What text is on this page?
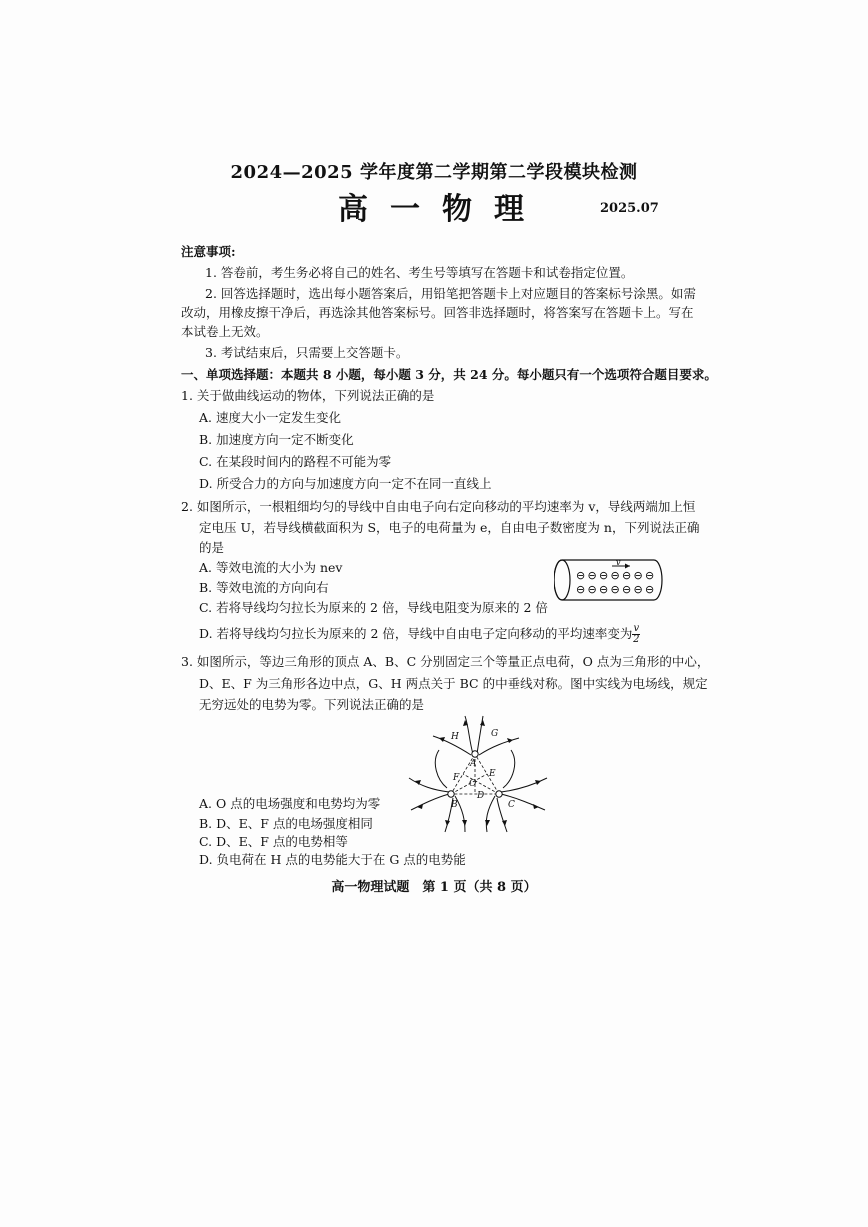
2024—2025 学年度第二学期第二学段模块检测
高一物理	2025.07
注意事项:
1. 答卷前，考生务必将自己的姓名、考生号等填写在答题卡和试卷指定位置。
2. 回答选择题时，选出每小题答案后，用铅笔把答题卡上对应题目的答案标号涂黑。如需
改动，用橡皮擦干净后，再选涂其他答案标号。回答非选择题时，将答案写在答题卡上。写在
本试卷上无效。
3. 考试结束后，只需要上交答题卡。
一、单项选择题：本题共 8 小题，每小题 3 分，共 24 分。每小题只有一个选项符合题目要求。
1. 关于做曲线运动的物体，下列说法正确的是
A. 速度大小一定发生变化
B. 加速度方向一定不断变化
C. 在某段时间内的路程不可能为零
D. 所受合力的方向与加速度方向一定不在同一直线上
2. 如图所示，一根粗细均匀的导线中自由电子向右定向移动的平均速率为 v，导线两端加上恒
定电压 U，若导线横截面积为 S，电子的电荷量为 e，自由电子数密度为 n，下列说法正确
的是
A. 等效电流的大小为 nev
B. 等效电流的方向向右
C. 若将导线均匀拉长为原来的 2 倍，导线电阻变为原来的 2 倍
D. 若将导线均匀拉长为原来的 2 倍，导线中自由电子定向移动的平均速率变为 $\frac{v}{2}$
v
⊖ ⊖ ⊖ ⊖ ⊖ ⊖ ⊖
⊖ ⊖ ⊖ ⊖ ⊖ ⊖ ⊖
3. 如图所示，等边三角形的顶点 A、B、C 分别固定三个等量正点电荷，O 点为三角形的中心，
D、E、F 为三角形各边中点，G、H 两点关于 BC 的中垂线对称。图中实线为电场线，规定
无穷远处的电势为零。下列说法正确的是
H	G
A
F	E
O
D
B	C
A. O 点的电场强度和电势均为零
B. D、E、F 点的电场强度相同
C. D、E、F 点的电势相等
D. 负电荷在 H 点的电势能大于在 G 点的电势能
高一物理试题　第 1 页（共 8 页）
